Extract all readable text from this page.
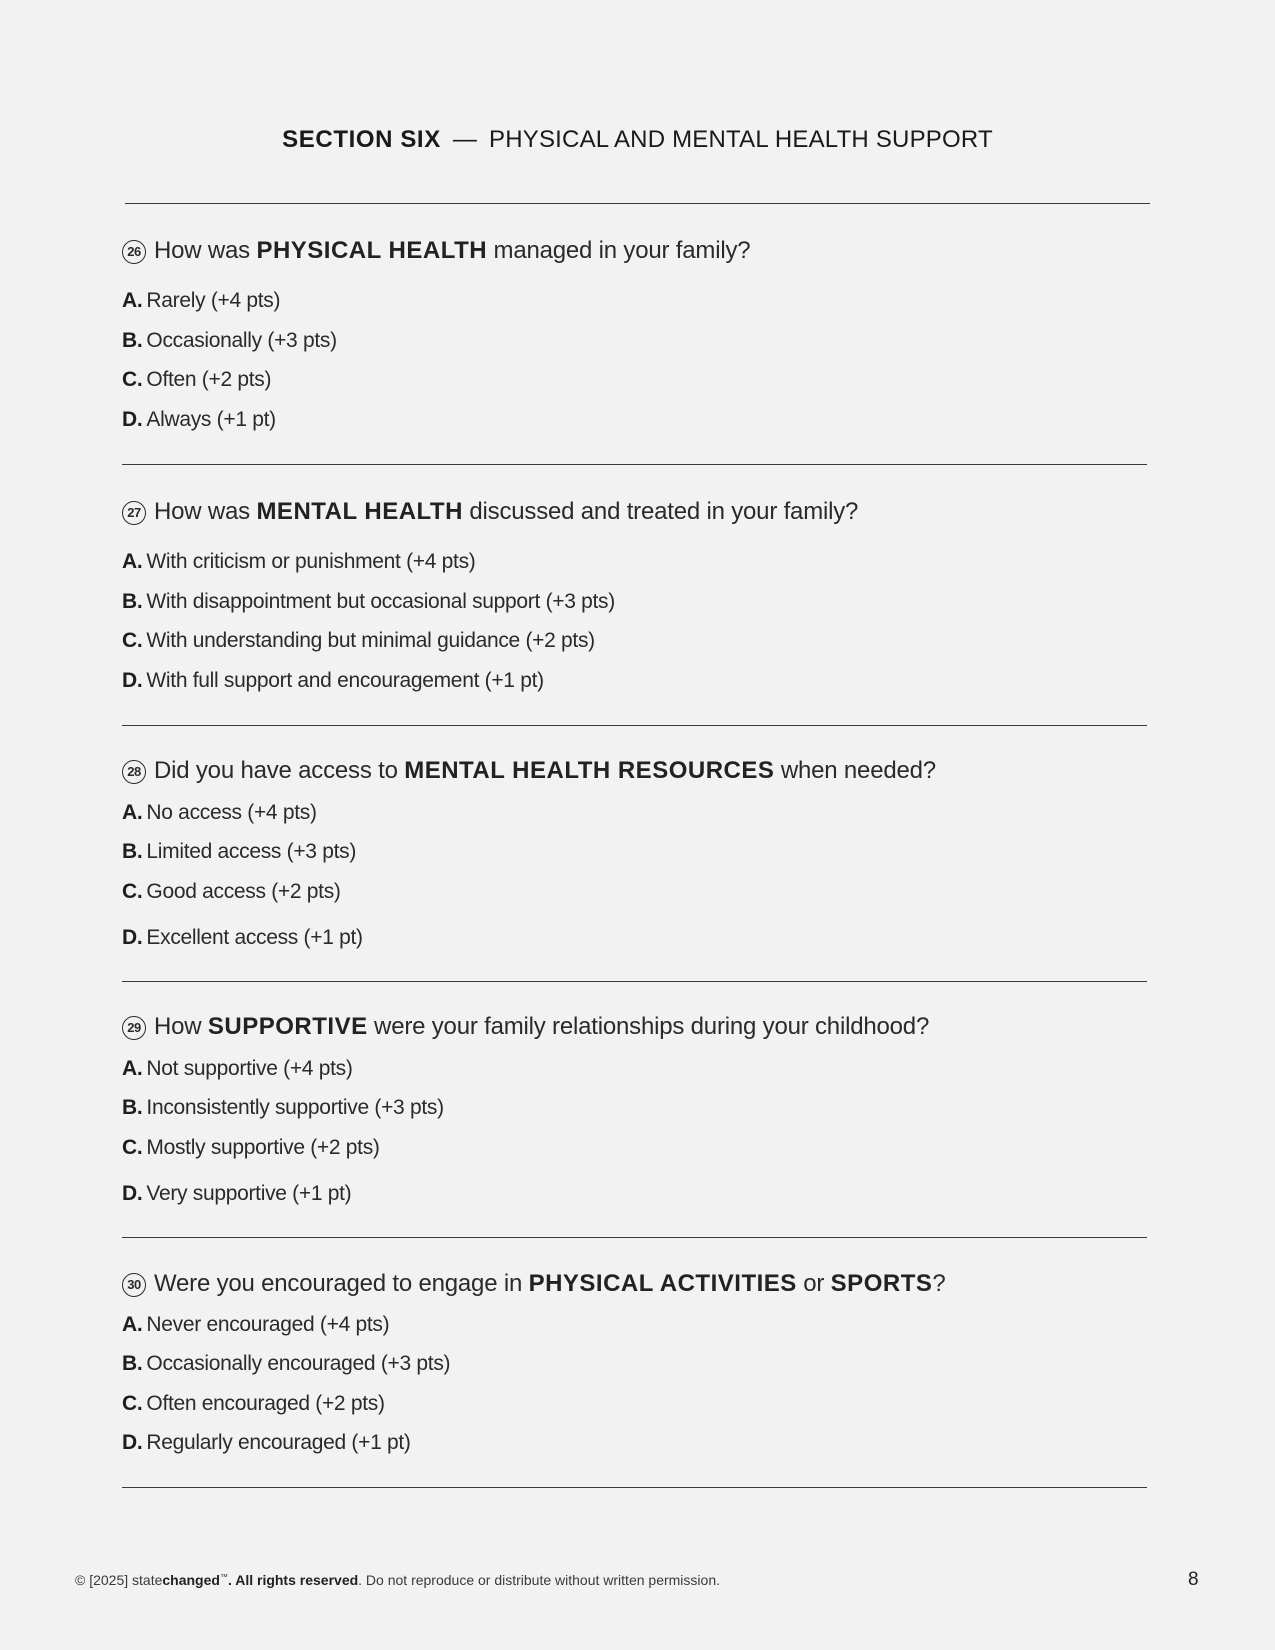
SECTION SIX — PHYSICAL AND MENTAL HEALTH SUPPORT
26 How was PHYSICAL HEALTH managed in your family?
A. Rarely (+4 pts)
B. Occasionally (+3 pts)
C. Often (+2 pts)
D. Always (+1 pt)
27 How was MENTAL HEALTH discussed and treated in your family?
A. With criticism or punishment (+4 pts)
B. With disappointment but occasional support (+3 pts)
C. With understanding but minimal guidance (+2 pts)
D. With full support and encouragement (+1 pt)
28 Did you have access to MENTAL HEALTH RESOURCES when needed?
A. No access (+4 pts)
B. Limited access (+3 pts)
C. Good access (+2 pts)
D. Excellent access (+1 pt)
29 How SUPPORTIVE were your family relationships during your childhood?
A. Not supportive (+4 pts)
B. Inconsistently supportive (+3 pts)
C. Mostly supportive (+2 pts)
D. Very supportive (+1 pt)
30 Were you encouraged to engage in PHYSICAL ACTIVITIES or SPORTS?
A. Never encouraged (+4 pts)
B. Occasionally encouraged (+3 pts)
C. Often encouraged (+2 pts)
D. Regularly encouraged (+1 pt)
© [2025] statechanged™. All rights reserved. Do not reproduce or distribute without written permission.	8
